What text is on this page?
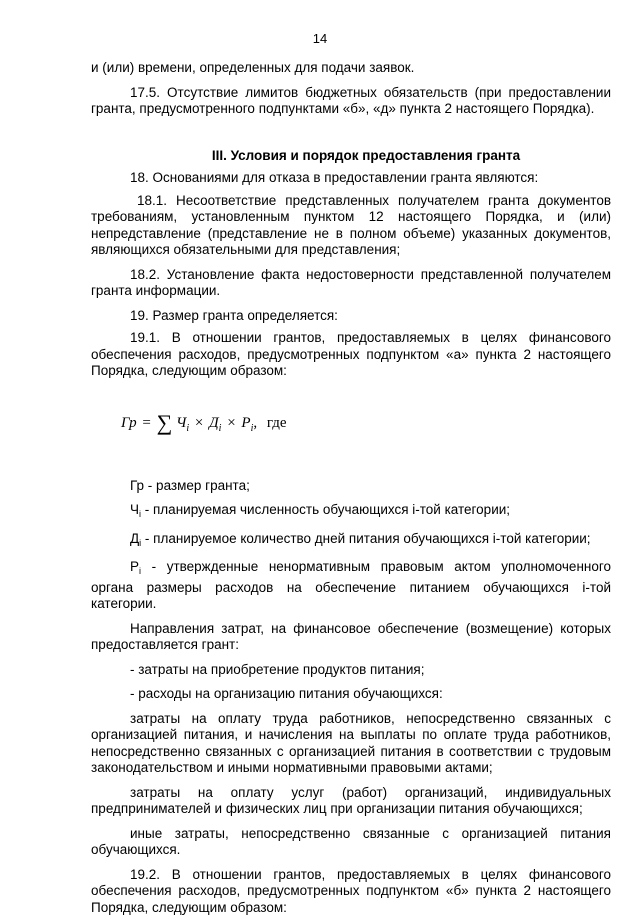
14

и (или) времени, определенных для подачи заявок.

17.5. Отсутствие лимитов бюджетных обязательств (при предоставлении гранта, предусмотренного подпунктами «б», «д» пункта 2 настоящего Порядка).

III. Условия и порядок предоставления гранта

18. Основаниями для отказа в предоставлении гранта являются:

18.1. Несоответствие представленных получателем гранта документов требованиям, установленным пунктом 12 настоящего Порядка, и (или) непредставление (представление не в полном объеме) указанных документов, являющихся обязательными для представления;

18.2. Установление факта недостоверности представленной получателем гранта информации.

19. Размер гранта определяется:

19.1. В отношении грантов, предоставляемых в целях финансового обеспечения расходов, предусмотренных подпунктом «а» пункта 2 настоящего Порядка, следующим образом:

Гр = ∑ $Ч_i \times Д_i \times Р_i$, где

Гр - размер гранта;

$Ч_i$ - планируемая численность обучающихся i-той категории;

$Д_i$ - планируемое количество дней питания обучающихся i-той категории;

$P_i$ - утвержденные ненормативным правовым актом уполномоченного органа размеры расходов на обеспечение питанием обучающихся i-той категории.

Направления затрат, на финансовое обеспечение (возмещение) которых предоставляется грант:

- затраты на приобретение продуктов питания;

- расходы на организацию питания обучающихся:

затраты на оплату труда работников, непосредственно связанных с организацией питания, и начисления на выплаты по оплате труда работников, непосредственно связанных с организацией питания в соответствии с трудовым законодательством и иными нормативными правовыми актами;

затраты на оплату услуг (работ) организаций, индивидуальных предпринимателей и физических лиц при организации питания обучающихся;

иные затраты, непосредственно связанные с организацией питания обучающихся.

19.2. В отношении грантов, предоставляемых в целях финансового обеспечения расходов, предусмотренных подпунктом «б» пункта 2 настоящего Порядка, следующим образом:
